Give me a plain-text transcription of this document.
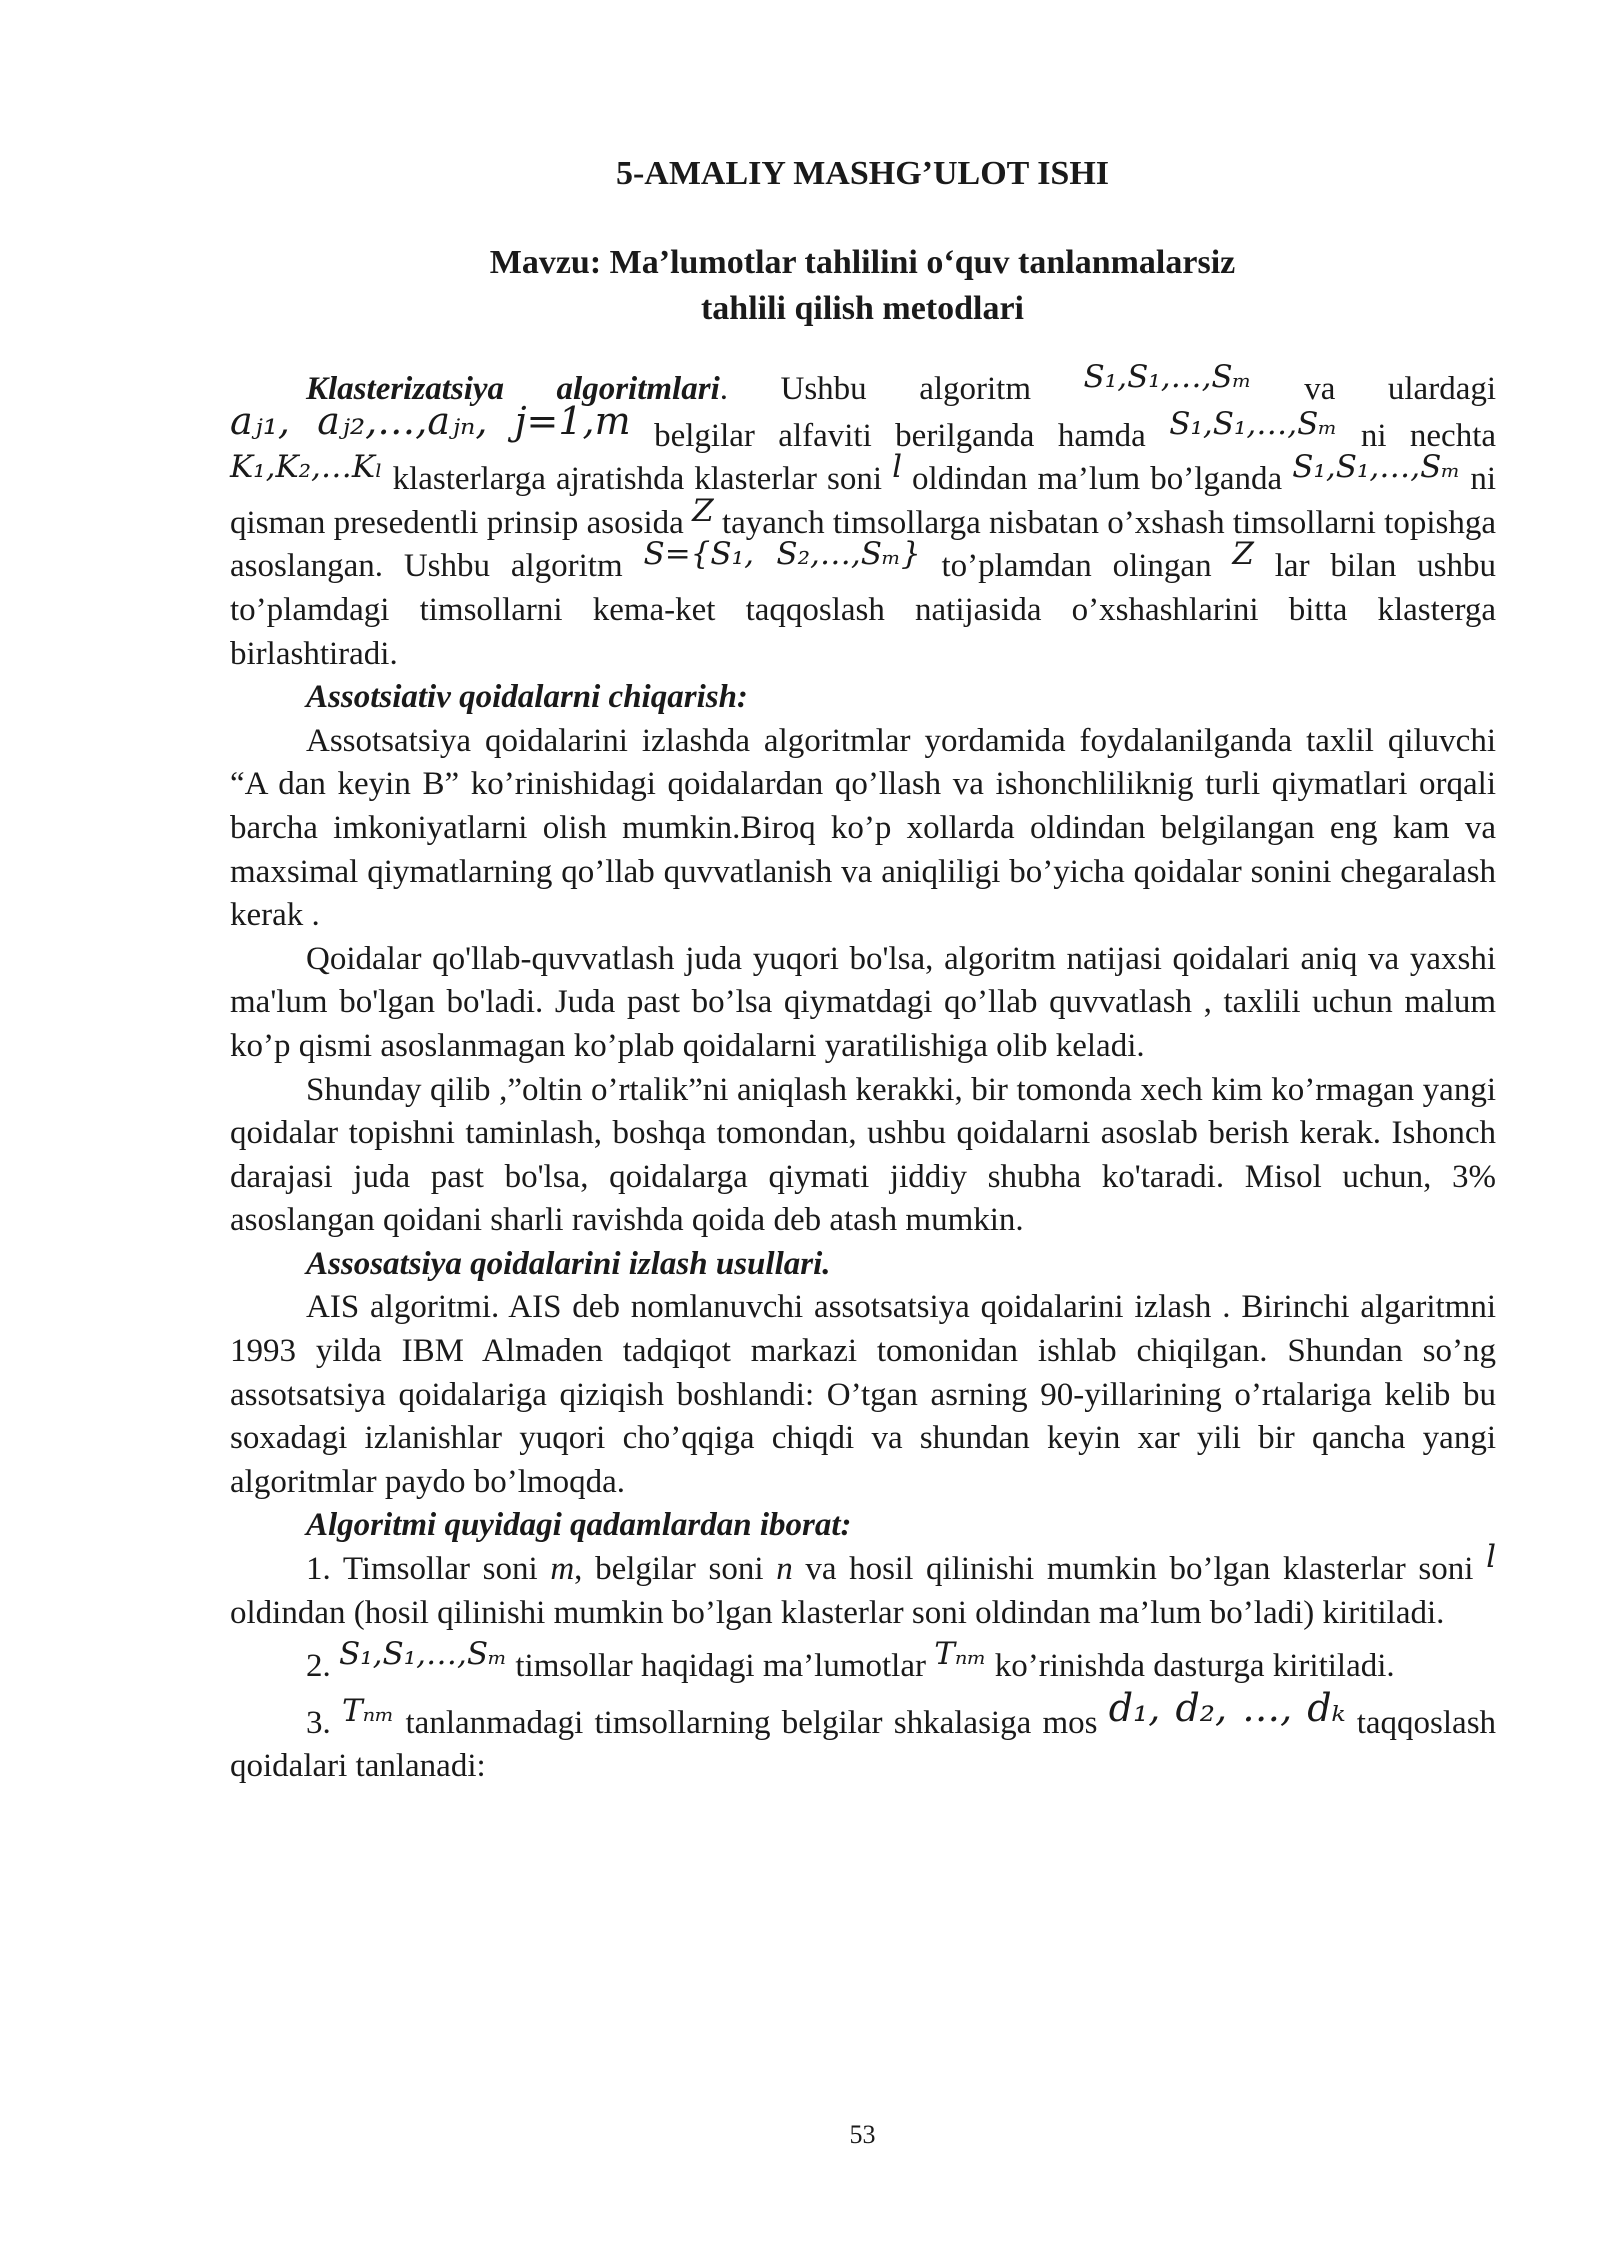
5-AMALIY MASHG’ULOT ISHI
Mavzu: Ma’lumotlar tahlilini o‘quv tanlanmalarsiz
tahlili qilish metodlari

Klasterizatsiya algoritmlari. Ushbu algoritm S₁,S₁,…,Sₘ va ulardagi aⱼ₁, aⱼ₂,…,aⱼₙ, j=1,m belgilar alfaviti berilganda hamda S₁,S₁,…,Sₘ ni nechta K₁,K₂,…Kₗ klasterlarga ajratishda klasterlar soni l oldindan ma’lum bo’lganda S₁,S₁,…,Sₘ ni qisman presedentli prinsip asosida Z tayanch timsollarga nisbatan o’xshash timsollarni topishga asoslangan. Ushbu algoritm S={S₁, S₂,…,Sₘ} to’plamdan olingan Z lar bilan ushbu to’plamdagi timsollarni kema-ket taqqoslash natijasida o’xshashlarini bitta klasterga birlashtiradi.

Assotsiativ qoidalarni chiqarish:

Assotsatsiya qoidalarini izlashda algoritmlar yordamida foydalanilganda taxlil qiluvchi “A dan keyin B” ko’rinishidagi qoidalardan qo’llash va ishonchliliknig turli qiymatlari orqali barcha imkoniyatlarni olish mumkin.Biroq ko’p xollarda oldindan belgilangan eng kam va maxsimal qiymatlarning qo’llab quvvatlanish va aniqliligi bo’yicha qoidalar sonini chegaralash kerak .

Qoidalar qo'llab-quvvatlash juda yuqori bo'lsa, algoritm natijasi qoidalari aniq va yaxshi ma'lum bo'lgan bo'ladi. Juda past bo’lsa qiymatdagi qo’llab quvvatlash , taxlili uchun malum ko’p qismi asoslanmagan ko’plab qoidalarni yaratilishiga olib keladi.

Shunday qilib ,”oltin o’rtalik”ni aniqlash kerakki, bir tomonda xech kim ko’rmagan yangi qoidalar topishni taminlash, boshqa tomondan, ushbu qoidalarni asoslab berish kerak. Ishonch darajasi juda past bo'lsa, qoidalarga qiymati jiddiy shubha ko'taradi. Misol uchun, 3% asoslangan qoidani sharli ravishda qoida deb atash mumkin.

Assosatsiya qoidalarini izlash usullari.

AIS algoritmi. AIS deb nomlanuvchi assotsatsiya qoidalarini izlash . Birinchi algaritmni 1993 yilda IBM Almaden tadqiqot markazi tomonidan ishlab chiqilgan. Shundan so’ng assotsatsiya qoidalariga qiziqish boshlandi: O’tgan asrning 90-yillarining o’rtalariga kelib bu soxadagi izlanishlar yuqori cho’qqiga chiqdi va shundan keyin xar yili bir qancha yangi algoritmlar paydo bo’lmoqda.

Algoritmi quyidagi qadamlardan iborat:

1. Timsollar soni m, belgilar soni n va hosil qilinishi mumkin bo’lgan klasterlar soni l oldindan (hosil qilinishi mumkin bo’lgan klasterlar soni oldindan ma’lum bo’ladi) kiritiladi.

2. S₁,S₁,…,Sₘ timsollar haqidagi ma’lumotlar Tₙₘ ko’rinishda dasturga kiritiladi.

3. Tₙₘ tanlanmadagi timsollarning belgilar shkalasiga mos d₁, d₂, …, dₖ taqqoslash qoidalari tanlanadi:

53
